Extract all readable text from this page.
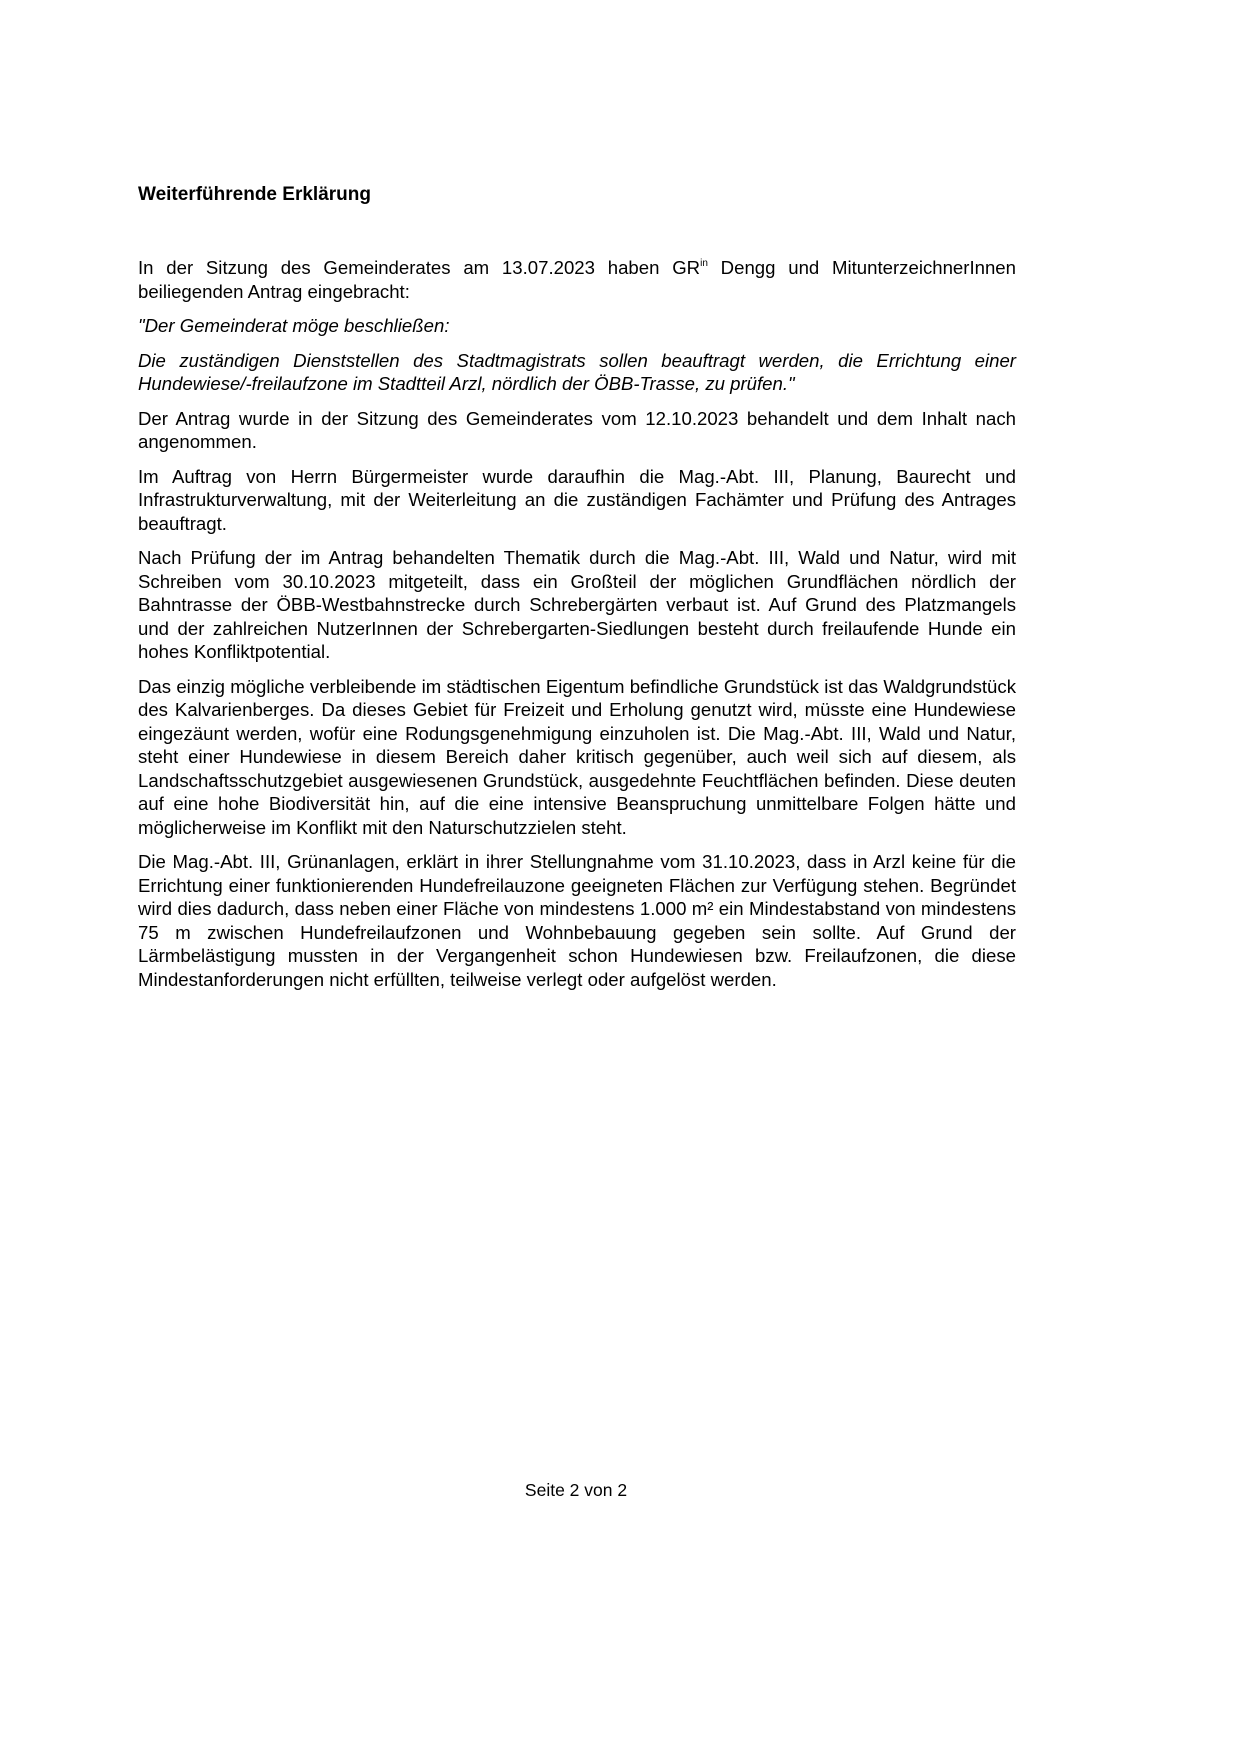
Weiterführende Erklärung

In der Sitzung des Gemeinderates am 13.07.2023 haben $GR^{in}$ Dengg und MitunterzeichnerInnen beiliegenden Antrag eingebracht:

"Der Gemeinderat möge beschließen:

Die zuständigen Dienststellen des Stadtmagistrats sollen beauftragt werden, die Errichtung einer Hundewiese/-freilaufzone im Stadtteil Arzl, nördlich der ÖBB-Trasse, zu prüfen."

Der Antrag wurde in der Sitzung des Gemeinderates vom 12.10.2023 behandelt und dem Inhalt nach angenommen.

Im Auftrag von Herrn Bürgermeister wurde daraufhin die Mag.-Abt. III, Planung, Baurecht und Infrastrukturverwaltung, mit der Weiterleitung an die zuständigen Fachämter und Prüfung des Antrages beauftragt.

Nach Prüfung der im Antrag behandelten Thematik durch die Mag.-Abt. III, Wald und Natur, wird mit Schreiben vom 30.10.2023 mitgeteilt, dass ein Großteil der möglichen Grundflächen nördlich der Bahntrasse der ÖBB-Westbahnstrecke durch Schrebergärten verbaut ist. Auf Grund des Platzmangels und der zahlreichen NutzerInnen der Schrebergarten-Siedlungen besteht durch freilaufende Hunde ein hohes Konfliktpotential.

Das einzig mögliche verbleibende im städtischen Eigentum befindliche Grundstück ist das Waldgrundstück des Kalvarienberges. Da dieses Gebiet für Freizeit und Erholung genutzt wird, müsste eine Hundewiese eingezäunt werden, wofür eine Rodungsgenehmigung einzuholen ist. Die Mag.-Abt. III, Wald und Natur, steht einer Hundewiese in diesem Bereich daher kritisch gegenüber, auch weil sich auf diesem, als Landschaftsschutzgebiet ausgewiesenen Grundstück, ausgedehnte Feuchtflächen befinden. Diese deuten auf eine hohe Biodiversität hin, auf die eine intensive Beanspruchung unmittelbare Folgen hätte und möglicherweise im Konflikt mit den Naturschutzzielen steht.

Die Mag.-Abt. III, Grünanlagen, erklärt in ihrer Stellungnahme vom 31.10.2023, dass in Arzl keine für die Errichtung einer funktionierenden Hundefreilauzone geeigneten Flächen zur Verfügung stehen. Begründet wird dies dadurch, dass neben einer Fläche von mindestens 1.000 m² ein Mindestabstand von mindestens 75 m zwischen Hundefreilaufzonen und Wohnbebauung gegeben sein sollte. Auf Grund der Lärmbelästigung mussten in der Vergangenheit schon Hundewiesen bzw. Freilaufzonen, die diese Mindestanforderungen nicht erfüllten, teilweise verlegt oder aufgelöst werden.

Seite 2 von 2
